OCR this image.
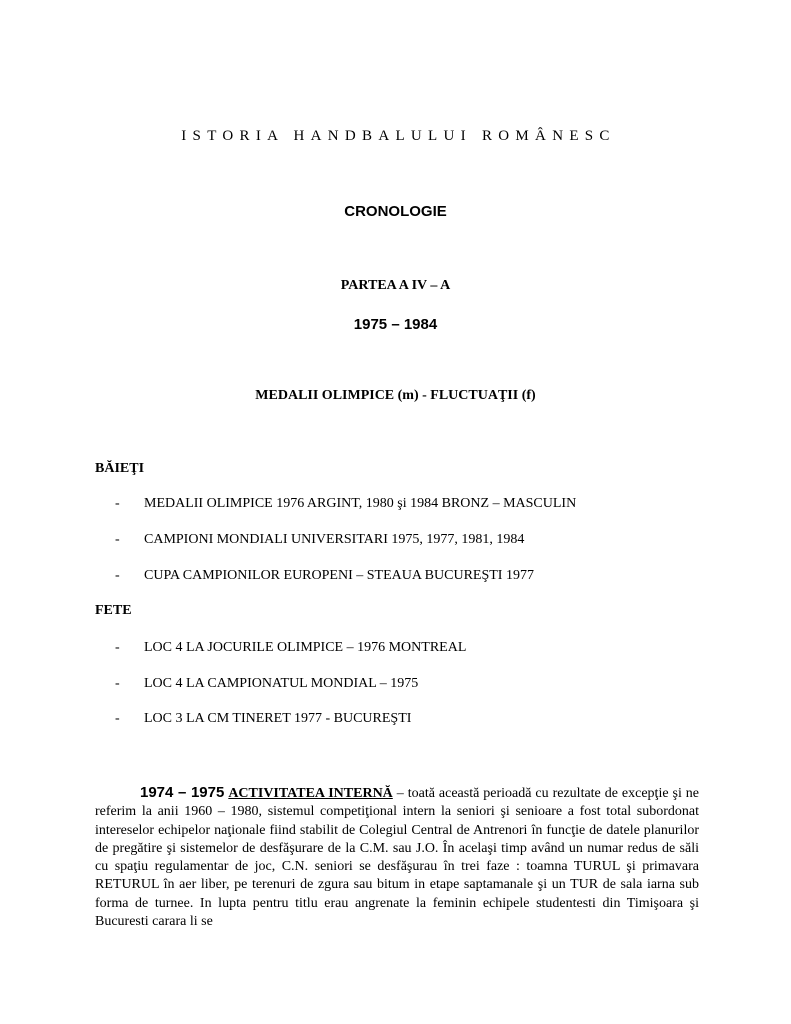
ISTORIA HANDBALULUI ROMÂNESC
CRONOLOGIE
PARTEA A IV – A
1975 – 1984
MEDALII OLIMPICE (m) - FLUCTUAŢII (f)
BĂIEŢI
- MEDALII OLIMPICE 1976 ARGINT, 1980 şi 1984 BRONZ – MASCULIN
- CAMPIONI MONDIALI UNIVERSITARI 1975, 1977, 1981, 1984
- CUPA CAMPIONILOR EUROPENI – STEAUA BUCUREŞTI 1977
FETE
- LOC 4 LA JOCURILE OLIMPICE – 1976 MONTREAL
- LOC 4 LA CAMPIONATUL MONDIAL – 1975
- LOC 3 LA CM TINERET 1977 - BUCUREŞTI
1974 – 1975 ACTIVITATEA INTERNĂ – toată această perioadă cu rezultate de excepţie şi ne referim la anii 1960 – 1980, sistemul competiţional intern la seniori şi senioare a fost total subordonat intereselor echipelor naţionale fiind stabilit de Colegiul Central de Antrenori în funcţie de datele planurilor de pregătire şi sistemelor de desfăşurare de la C.M. sau J.O. În acelaşi timp având un numar redus de săli cu spaţiu regulamentar de joc, C.N. seniori se desfăşurau în trei faze : toamna TURUL şi primavara RETURUL în aer liber, pe terenuri de zgura sau bitum in etape saptamanale şi un TUR de sala iarna sub forma de turnee. In lupta pentru titlu erau angrenate la feminin echipele studentesti din Timişoara şi Bucuresti carara li se
